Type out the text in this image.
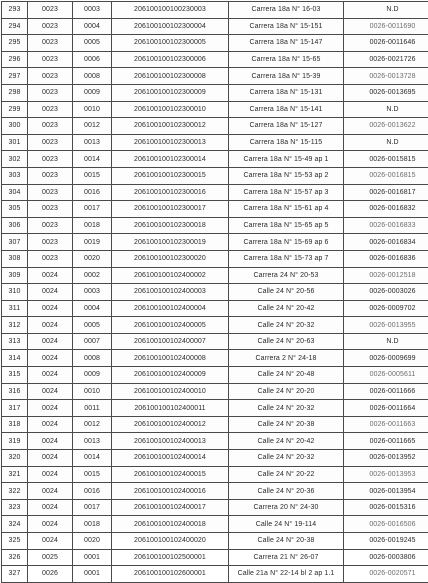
293	0023	0003	206100100100230003	Carrera 18a N° 16-03	N.D
294	0023	0004	206100100102300004	Carrera 18a N° 15-151	0026-0011690
295	0023	0005	206100100102300005	Carrera 18a N° 15-147	0026-0011646
296	0023	0006	206100100102300006	Carrera 18a N° 15-65	0026-0021726
297	0023	0008	206100100102300008	Carrera 18a N° 15-39	0026-0013728
298	0023	0009	206100100102300009	Carrera 18a N° 15-131	0026-0013695
299	0023	0010	206100100102300010	Carrera 18a N° 15-141	N.D
300	0023	0012	206100100102300012	Carrera 18a N° 15-127	0026-0013622
301	0023	0013	206100100102300013	Carrera 18a N° 15-115	N.D
302	0023	0014	206100100102300014	Carrera 18a N° 15-49 ap 1	0026-0015815
303	0023	0015	206100100102300015	Carrera 18a N° 15-53 ap 2	0026-0016815
304	0023	0016	206100100102300016	Carrera 18a N° 15-57 ap 3	0026-0016817
305	0023	0017	206100100102300017	Carrera 18a N° 15-61 ap 4	0026-0016832
306	0023	0018	206100100102300018	Carrera 18a N° 15-65 ap 5	0026-0016833
307	0023	0019	206100100102300019	Carrera 18a N° 15-69 ap 6	0026-0016834
308	0023	0020	206100100102300020	Carrera 18a N° 15-73 ap 7	0026-0016836
309	0024	0002	206100100102400002	Carrera 24 N° 20-53	0026-0012518
310	0024	0003	206100100102400003	Calle 24 N° 20-56	0026-0003026
311	0024	0004	206100100102400004	Calle 24 N° 20-42	0026-0009702
312	0024	0005	206100100102400005	Calle 24 N° 20-32	0026-0013955
313	0024	0007	206100100102400007	Calle 24 N° 20-63	N.D
314	0024	0008	206100100102400008	Carrera 2 N° 24-18	0026-0009699
315	0024	0009	206100100102400009	Calle 24 N° 20-48	0026-0005611
316	0024	0010	206100100102400010	Calle 24 N° 20-20	0026-0011666
317	0024	0011	206100100102400011	Calle 24 N° 20-32	0026-0011664
318	0024	0012	206100100102400012	Calle 24 N° 20-38	0026-0011663
319	0024	0013	206100100102400013	Calle 24 N° 20-42	0026-0011665
320	0024	0014	206100100102400014	Calle 24 N° 20-32	0026-0013952
321	0024	0015	206100100102400015	Calle 24 N° 20-22	0026-0013953
322	0024	0016	206100100102400016	Calle 24 N° 20-36	0026-0013954
323	0024	0017	206100100102400017	Carrera 20 N° 24-30	0026-0015316
324	0024	0018	206100100102400018	Calle 24 N° 19-114	0026-0016506
325	0024	0020	206100100102400020	Calle 24 N° 20-38	0026-0019245
326	0025	0001	206100100102500001	Carrera 21 N° 26-07	0026-0003806
327	0026	0001	206100100102600001	Calle 21a N° 22-14 bl 2 ap 1.1	0026-0020571
